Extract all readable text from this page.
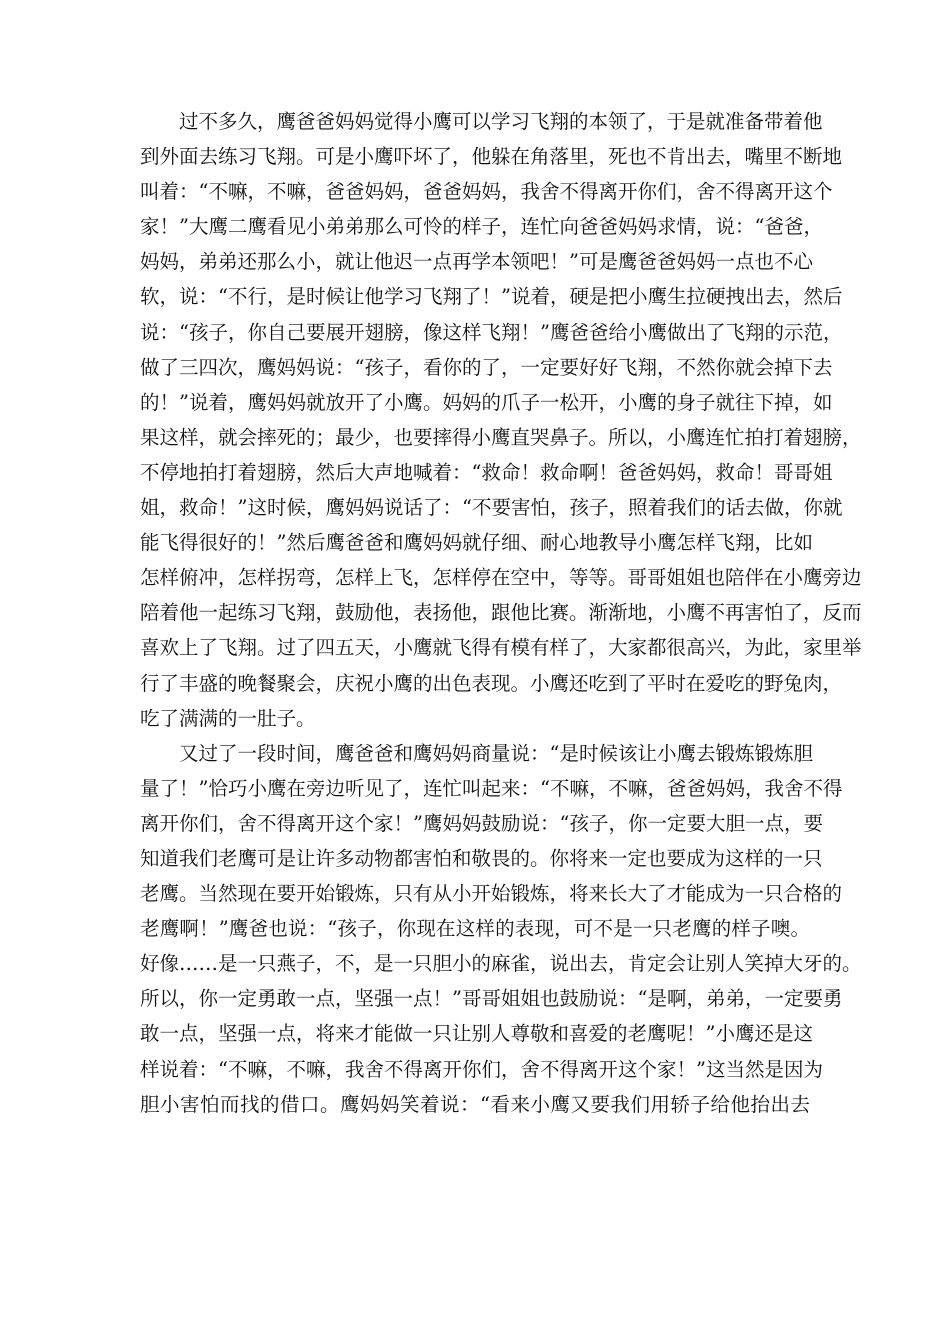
过不多久，鹰爸爸妈妈觉得小鹰可以学习飞翔的本领了，于是就准备带着他
到外面去练习飞翔。可是小鹰吓坏了，他躲在角落里，死也不肯出去，嘴里不断地
叫着：“不嘛，不嘛，爸爸妈妈，爸爸妈妈，我舍不得离开你们，舍不得离开这个
家！”大鹰二鹰看见小弟弟那么可怜的样子，连忙向爸爸妈妈求情，说：“爸爸，
妈妈，弟弟还那么小，就让他迟一点再学本领吧！”可是鹰爸爸妈妈一点也不心
软，说：“不行，是时候让他学习飞翔了！”说着，硬是把小鹰生拉硬拽出去，然后
说：“孩子，你自己要展开翅膀，像这样飞翔！”鹰爸爸给小鹰做出了飞翔的示范，
做了三四次，鹰妈妈说：“孩子，看你的了，一定要好好飞翔，不然你就会掉下去
的！”说着，鹰妈妈就放开了小鹰。妈妈的爪子一松开，小鹰的身子就往下掉，如
果这样，就会摔死的；最少，也要摔得小鹰直哭鼻子。所以，小鹰连忙拍打着翅膀，
不停地拍打着翅膀，然后大声地喊着：“救命！救命啊！爸爸妈妈，救命！哥哥姐
姐，救命！”这时候，鹰妈妈说话了：“不要害怕，孩子，照着我们的话去做，你就
能飞得很好的！”然后鹰爸爸和鹰妈妈就仔细、耐心地教导小鹰怎样飞翔，比如
怎样俯冲，怎样拐弯，怎样上飞，怎样停在空中，等等。哥哥姐姐也陪伴在小鹰旁边
陪着他一起练习飞翔，鼓励他，表扬他，跟他比赛。渐渐地，小鹰不再害怕了，反而
喜欢上了飞翔。过了四五天，小鹰就飞得有模有样了，大家都很高兴，为此，家里举
行了丰盛的晚餐聚会，庆祝小鹰的出色表现。小鹰还吃到了平时在爱吃的野兔肉，
吃了满满的一肚子。
又过了一段时间，鹰爸爸和鹰妈妈商量说：“是时候该让小鹰去锻炼锻炼胆
量了！”恰巧小鹰在旁边听见了，连忙叫起来：“不嘛，不嘛，爸爸妈妈，我舍不得
离开你们，舍不得离开这个家！”鹰妈妈鼓励说：“孩子，你一定要大胆一点，要
知道我们老鹰可是让许多动物都害怕和敬畏的。你将来一定也要成为这样的一只
老鹰。当然现在要开始锻炼，只有从小开始锻炼，将来长大了才能成为一只合格的
老鹰啊！”鹰爸也说：“孩子，你现在这样的表现，可不是一只老鹰的样子噢。
好像……是一只燕子，不，是一只胆小的麻雀，说出去，肯定会让别人笑掉大牙的。
所以，你一定勇敢一点，坚强一点！”哥哥姐姐也鼓励说：“是啊，弟弟，一定要勇
敢一点，坚强一点，将来才能做一只让别人尊敬和喜爱的老鹰呢！”小鹰还是这
样说着：“不嘛，不嘛，我舍不得离开你们，舍不得离开这个家！”这当然是因为
胆小害怕而找的借口。鹰妈妈笑着说：“看来小鹰又要我们用轿子给他抬出去
